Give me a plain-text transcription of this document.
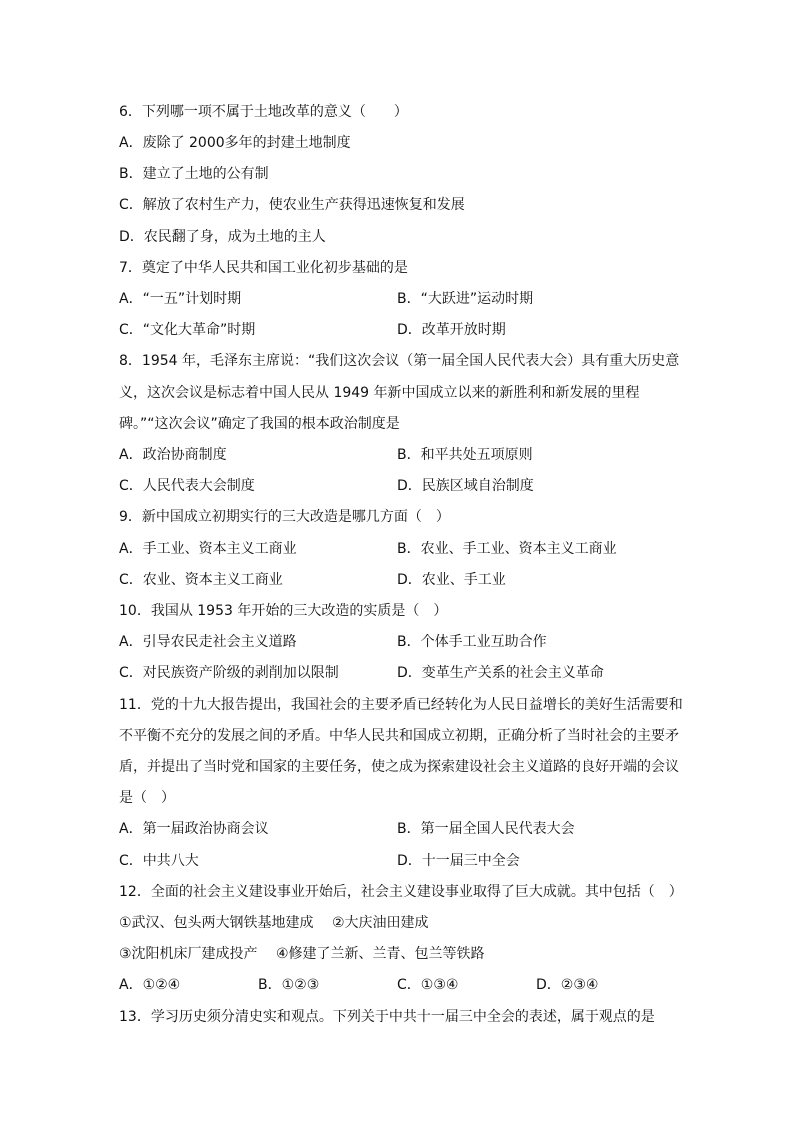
6．下列哪一项不属于土地改革的意义（　　）
A．废除了 2000多年的封建土地制度
B．建立了土地的公有制
C．解放了农村生产力，使农业生产获得迅速恢复和发展
D．农民翻了身，成为土地的主人
7．奠定了中华人民共和国工业化初步基础的是
A．“一五”计划时期	B．“大跃进”运动时期
C．“文化大革命”时期	D．改革开放时期
8．1954 年，毛泽东主席说：“我们这次会议（第一届全国人民代表大会）具有重大历史意
义，这次会议是标志着中国人民从 1949 年新中国成立以来的新胜利和新发展的里程
碑。”“这次会议”确定了我国的根本政治制度是
A．政治协商制度	B．和平共处五项原则
C．人民代表大会制度	D．民族区域自治制度
9．新中国成立初期实行的三大改造是哪几方面（　）
A．手工业、资本主义工商业	B．农业、手工业、资本主义工商业
C．农业、资本主义工商业	D．农业、手工业
10．我国从 1953 年开始的三大改造的实质是（　）
A．引导农民走社会主义道路	B．个体手工业互助合作
C．对民族资产阶级的剥削加以限制	D．变革生产关系的社会主义革命
11．党的十九大报告提出，我国社会的主要矛盾已经转化为人民日益增长的美好生活需要和
不平衡不充分的发展之间的矛盾。中华人民共和国成立初期，正确分析了当时社会的主要矛
盾，并提出了当时党和国家的主要任务，使之成为探索建设社会主义道路的良好开端的会议
是（　）
A．第一届政治协商会议	B．第一届全国人民代表大会
C．中共八大	D．十一届三中全会
12．全面的社会主义建设事业开始后，社会主义建设事业取得了巨大成就。其中包括（　）
①武汉、包头两大钢铁基地建成　 ②大庆油田建成
③沈阳机床厂建成投产　 ④修建了兰新、兰青、包兰等铁路
A．①②④	B．①②③	C．①③④	D．②③④
13．学习历史须分清史实和观点。下列关于中共十一届三中全会的表述，属于观点的是
